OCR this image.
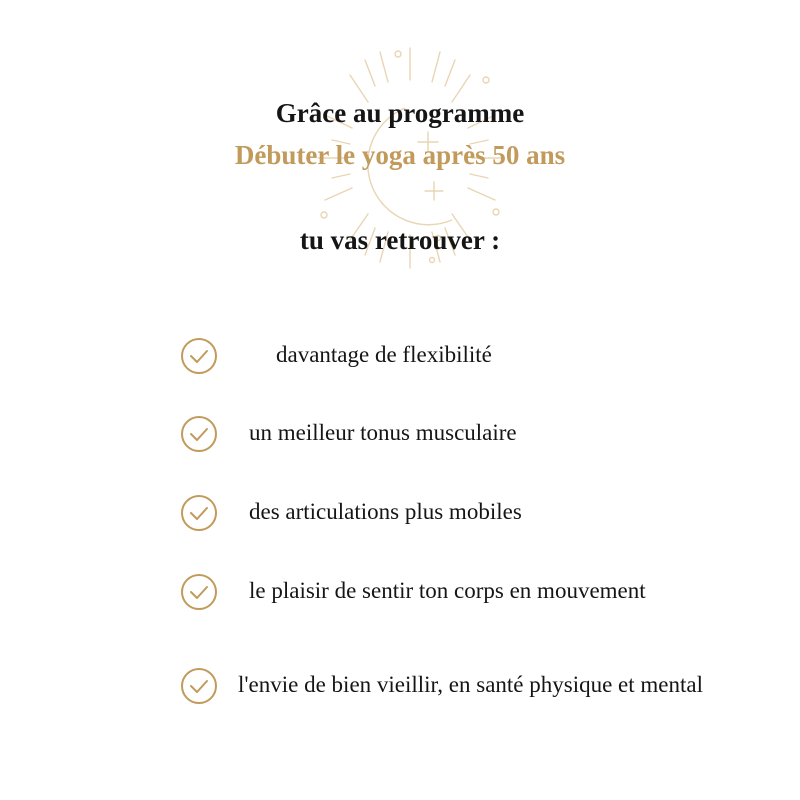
Grâce au programme
Débuter le yoga après 50 ans
tu vas retrouver :
davantage de flexibilité
un meilleur tonus musculaire
des articulations plus mobiles
le plaisir de sentir ton corps en mouvement
l'envie de bien vieillir, en santé physique et mental
